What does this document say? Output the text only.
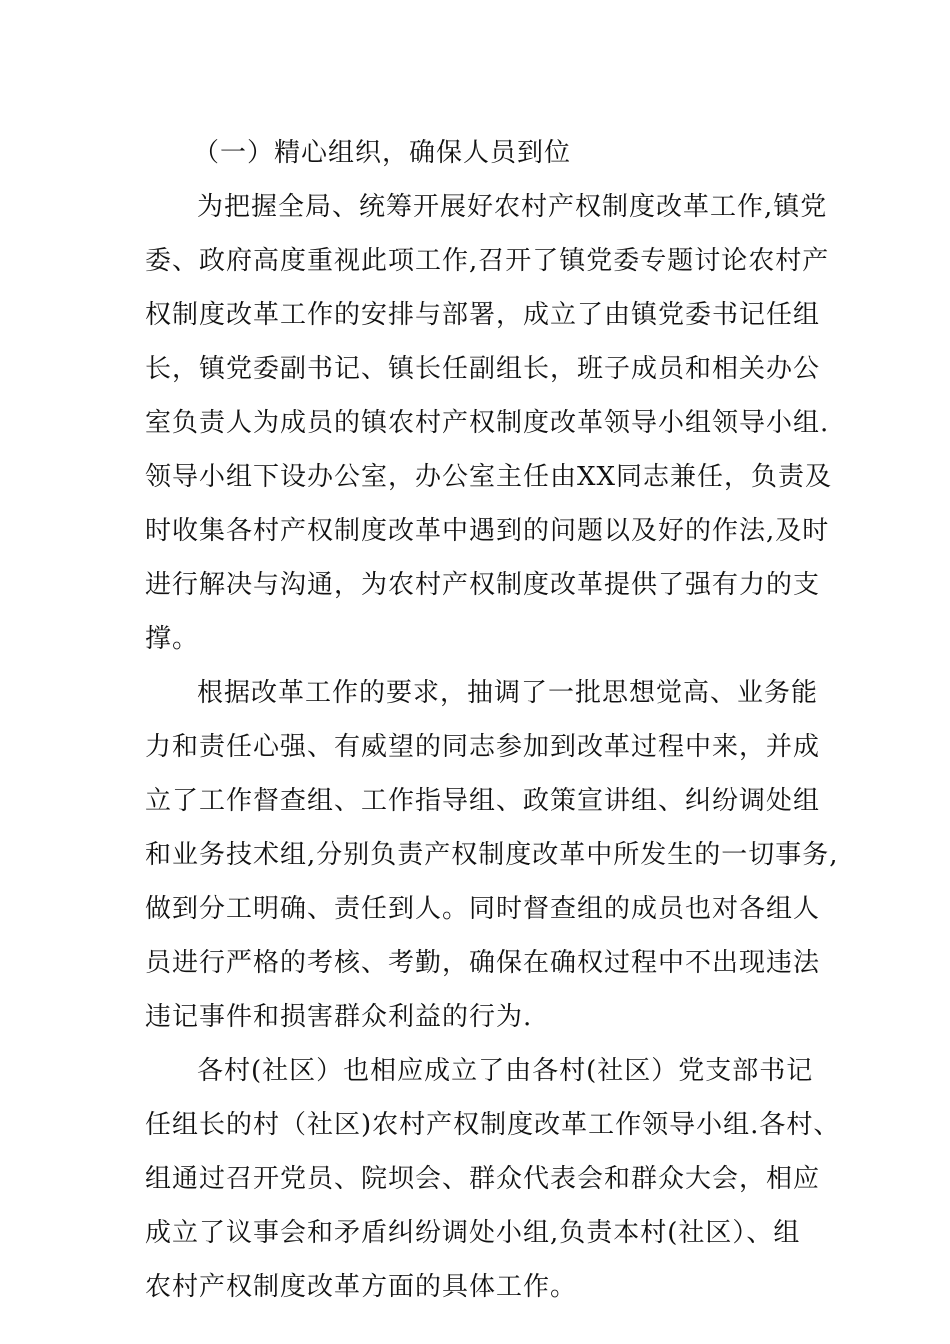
（一）精心组织，确保人员到位

为把握全局、统筹开展好农村产权制度改革工作,镇党
委、政府高度重视此项工作,召开了镇党委专题讨论农村产
权制度改革工作的安排与部署，成立了由镇党委书记任组
长，镇党委副书记、镇长任副组长，班子成员和相关办公
室负责人为成员的镇农村产权制度改革领导小组领导小组.
领导小组下设办公室，办公室主任由XX同志兼任，负责及
时收集各村产权制度改革中遇到的问题以及好的作法,及时
进行解决与沟通，为农村产权制度改革提供了强有力的支
撑。

根据改革工作的要求，抽调了一批思想觉高、业务能
力和责任心强、有威望的同志参加到改革过程中来，并成
立了工作督查组、工作指导组、政策宣讲组、纠纷调处组
和业务技术组,分别负责产权制度改革中所发生的一切事务,
做到分工明确、责任到人。同时督查组的成员也对各组人
员进行严格的考核、考勤，确保在确权过程中不出现违法
违记事件和损害群众利益的行为.

各村(社区）也相应成立了由各村(社区）党支部书记
任组长的村（社区)农村产权制度改革工作领导小组.各村、
组通过召开党员、院坝会、群众代表会和群众大会，相应
成立了议事会和矛盾纠纷调处小组,负责本村(社区）、组
农村产权制度改革方面的具体工作。
